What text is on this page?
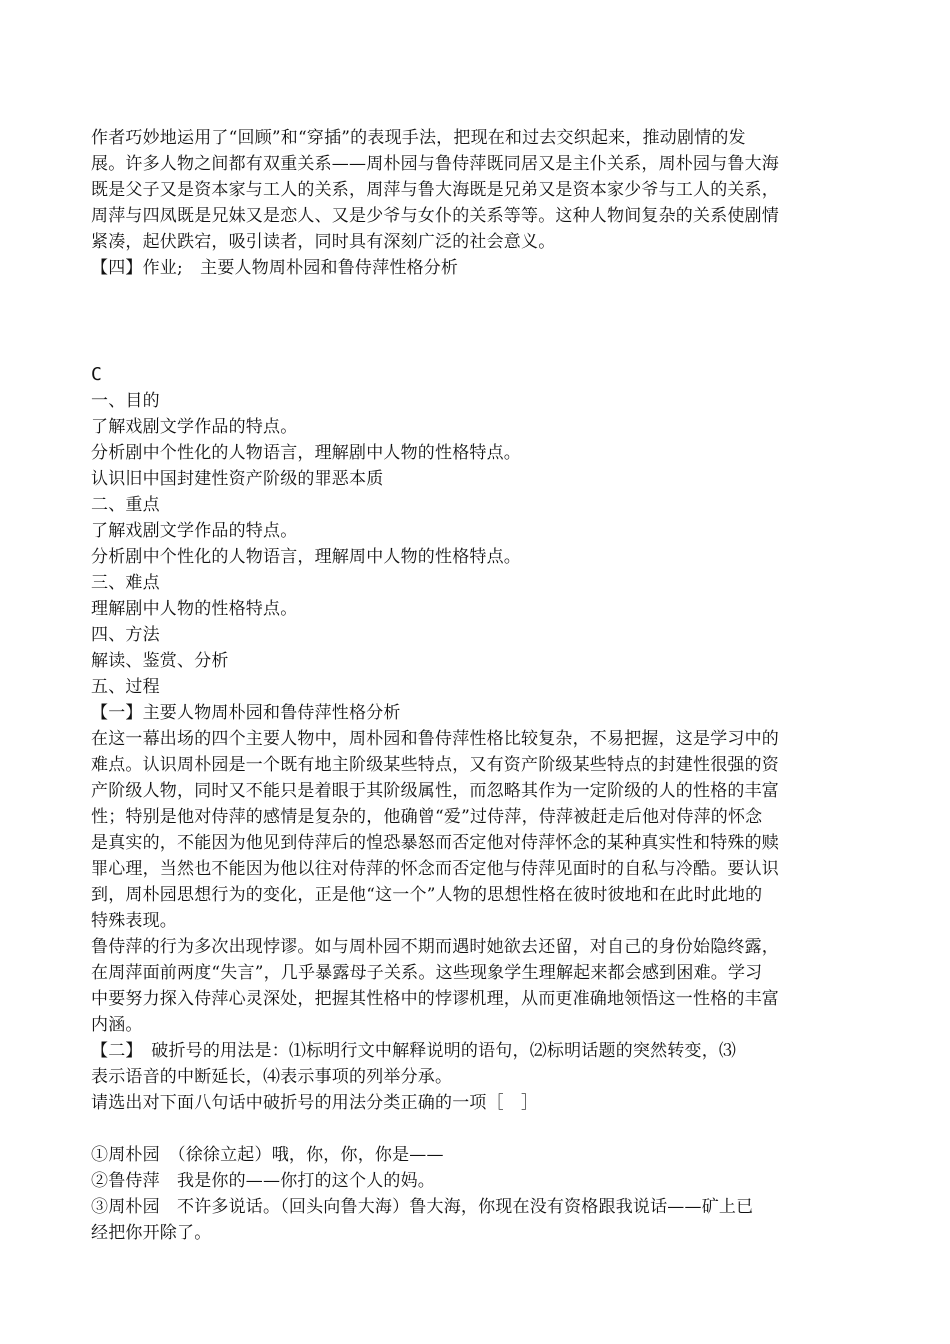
作者巧妙地运用了“回顾”和“穿插”的表现手法，把现在和过去交织起来，推动剧情的发
展。许多人物之间都有双重关系——周朴园与鲁侍萍既同居又是主仆关系，周朴园与鲁大海
既是父子又是资本家与工人的关系，周萍与鲁大海既是兄弟又是资本家少爷与工人的关系，
周萍与四凤既是兄妹又是恋人、又是少爷与女仆的关系等等。这种人物间复杂的关系使剧情
紧凑，起伏跌宕，吸引读者，同时具有深刻广泛的社会意义。
【四】作业;　主要人物周朴园和鲁侍萍性格分析
C
一、目的
了解戏剧文学作品的特点。
分析剧中个性化的人物语言，理解剧中人物的性格特点。
认识旧中国封建性资产阶级的罪恶本质
二、重点
了解戏剧文学作品的特点。
分析剧中个性化的人物语言，理解周中人物的性格特点。
三、难点
理解剧中人物的性格特点。
四、方法
解读、鉴赏、分析
五、过程
【一】主要人物周朴园和鲁侍萍性格分析
在这一幕出场的四个主要人物中，周朴园和鲁侍萍性格比较复杂，不易把握，这是学习中的
难点。认识周朴园是一个既有地主阶级某些特点，又有资产阶级某些特点的封建性很强的资
产阶级人物，同时又不能只是着眼于其阶级属性，而忽略其作为一定阶级的人的性格的丰富
性；特别是他对侍萍的感情是复杂的，他确曾“爱”过侍萍，侍萍被赶走后他对侍萍的怀念
是真实的，不能因为他见到侍萍后的惶恐暴怒而否定他对侍萍怀念的某种真实性和特殊的赎
罪心理，当然也不能因为他以往对侍萍的怀念而否定他与侍萍见面时的自私与冷酷。要认识
到，周朴园思想行为的变化，正是他“这一个”人物的思想性格在彼时彼地和在此时此地的
特殊表现。
鲁侍萍的行为多次出现悖谬。如与周朴园不期而遇时她欲去还留，对自己的身份始隐终露，
在周萍面前两度“失言”，几乎暴露母子关系。这些现象学生理解起来都会感到困难。学习
中要努力探入侍萍心灵深处，把握其性格中的悖谬机理，从而更准确地领悟这一性格的丰富
内涵。
【二】　破折号的用法是：⑴标明行文中解释说明的语句，⑵标明话题的突然转变，⑶
表示语音的中断延长，⑷表示事项的列举分承。
请选出对下面八句话中破折号的用法分类正确的一项［　］
①周朴园　（徐徐立起）哦，你，你，你是——
②鲁侍萍　我是你的——你打的这个人的妈。
③周朴园　不许多说话。（回头向鲁大海）鲁大海，你现在没有资格跟我说话——矿上已
经把你开除了。
